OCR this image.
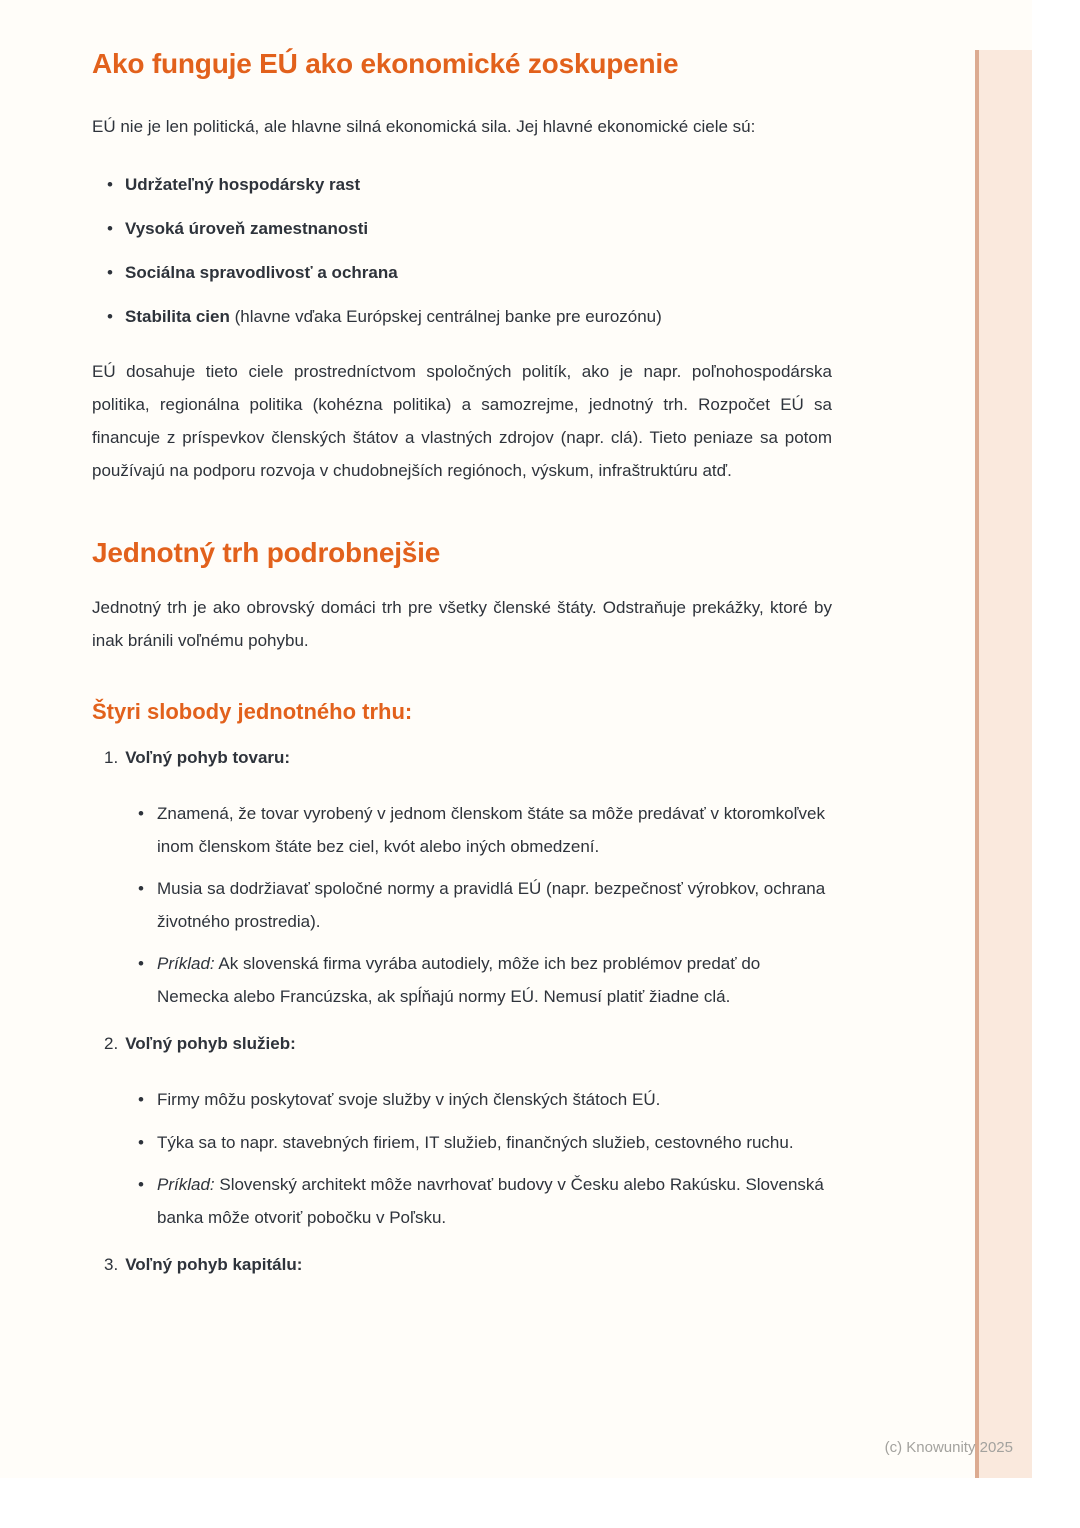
Ako funguje EÚ ako ekonomické zoskupenie

EÚ nie je len politická, ale hlavne silná ekonomická sila. Jej hlavné ekonomické ciele sú:

• Udržateľný hospodársky rast
• Vysoká úroveň zamestnanosti
• Sociálna spravodlivosť a ochrana
• Stabilita cien (hlavne vďaka Európskej centrálnej banke pre eurozónu)

EÚ dosahuje tieto ciele prostredníctvom spoločných politík, ako je napr. poľnohospodárska politika, regionálna politika (kohézna politika) a samozrejme, jednotný trh. Rozpočet EÚ sa financuje z príspevkov členských štátov a vlastných zdrojov (napr. clá). Tieto peniaze sa potom používajú na podporu rozvoja v chudobnejších regiónoch, výskum, infraštruktúru atď.

Jednotný trh podrobnejšie

Jednotný trh je ako obrovský domáci trh pre všetky členské štáty. Odstraňuje prekážky, ktoré by inak bránili voľnému pohybu.

Štyri slobody jednotného trhu:
1. Voľný pohyb tovaru:
• Znamená, že tovar vyrobený v jednom členskom štáte sa môže predávať v ktoromkoľvek inom členskom štáte bez ciel, kvót alebo iných obmedzení.
• Musia sa dodržiavať spoločné normy a pravidlá EÚ (napr. bezpečnosť výrobkov, ochrana životného prostredia).
• Príklad: Ak slovenská firma vyrába autodiely, môže ich bez problémov predať do Nemecka alebo Francúzska, ak spĺňajú normy EÚ. Nemusí platiť žiadne clá.
2. Voľný pohyb služieb:
• Firmy môžu poskytovať svoje služby v iných členských štátoch EÚ.
• Týka sa to napr. stavebných firiem, IT služieb, finančných služieb, cestovného ruchu.
• Príklad: Slovenský architekt môže navrhovať budovy v Česku alebo Rakúsku. Slovenská banka môže otvoriť pobočku v Poľsku.
3. Voľný pohyb kapitálu:
(c) Knowunity 2025
